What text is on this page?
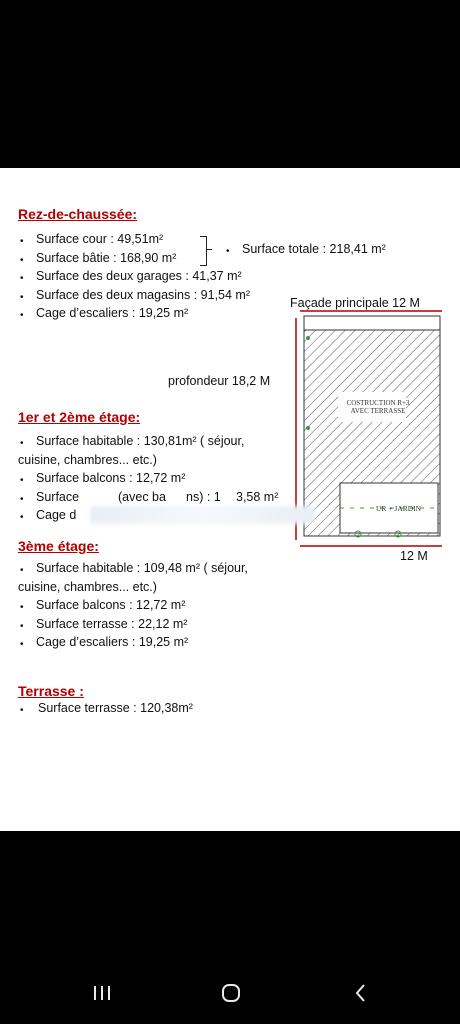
Rez-de-chaussée:
• Surface cour : 49,51m²
• Surface bâtie : 168,90 m²
• Surface des deux garages : 41,37 m²
• Surface des deux magasins : 91,54 m²
• Cage d’escaliers : 19,25 m²
• Surface totale : 218,41 m²
Façade principale 12 M
profondeur 18,2 M
12 M
COSTRUCTION R+3
AVEC TERRASSE
UR + JARDIN
1er et 2ème étage:
• Surface habitable : 130,81m² ( séjour,
cuisine, chambres... etc.)
• Surface balcons : 12,72 m²
• Surface	(avec ba ns) : 1 3,58 m²
• Cage d
3ème étage:
• Surface habitable : 109,48 m² ( séjour,
cuisine, chambres... etc.)
• Surface balcons : 12,72 m²
• Surface terrasse : 22,12 m²
• Cage d’escaliers : 19,25 m²
Terrasse :
• Surface terrasse : 120,38m²
